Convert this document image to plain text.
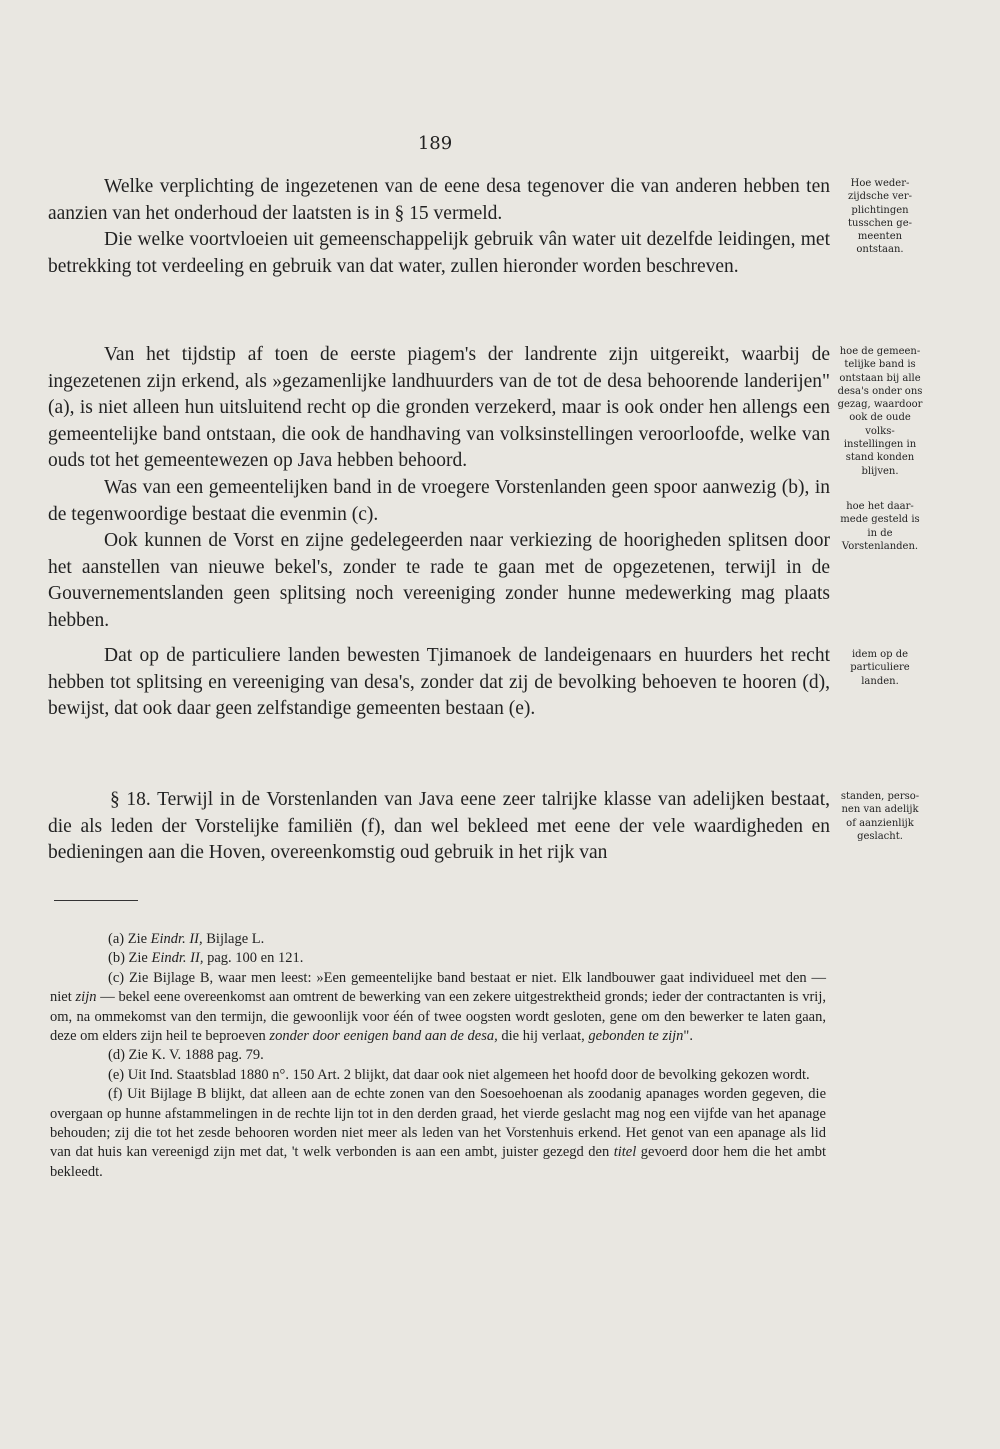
189

Welke verplichting de ingezetenen van de eene desa tegenover die van anderen hebben ten aanzien van het onderhoud der laatsten is in § 15 vermeld.

Die welke voortvloeien uit gemeenschappelijk gebruik vân water uit dezelfde leidingen, met betrekking tot verdeeling en gebruik van dat water, zullen hieronder worden beschreven.

Hoe weder-zijdsche ver-plichtingen tusschen ge-meenten ontstaan.

Van het tijdstip af toen de eerste piagem's der landrente zijn uitgereikt, waarbij de ingezetenen zijn erkend, als »gezamenlijke landhuurders van de tot de desa behoorende landerijen" (a), is niet alleen hun uitsluitend recht op die gronden verzekerd, maar is ook onder hen allengs een gemeentelijke band ontstaan, die ook de handhaving van volksinstellingen veroorloofde, welke van ouds tot het gemeentewezen op Java hebben behoord.

Was van een gemeentelijken band in de vroegere Vorstenlanden geen spoor aanwezig (b), in de tegenwoordige bestaat die evenmin (c).

Ook kunnen de Vorst en zijne gedelegeerden naar verkiezing de hoorigheden splitsen door het aanstellen van nieuwe bekel's, zonder te rade te gaan met de opgezetenen, terwijl in de Gouvernementslanden geen splitsing noch vereeniging zonder hunne medewerking mag plaats hebben.

hoe de gemeen-telijke band is ontstaan bij alle desa's onder ons gezag, waardoor ook de oude volks-instellingen in stand konden blijven.

hoe het daar-mede gesteld is in de Vorstenlanden.

Dat op de particuliere landen bewesten Tjimanoek de landeigenaars en huurders het recht hebben tot splitsing en vereeniging van desa's, zonder dat zij de bevolking behoeven te hooren (d), bewijst, dat ook daar geen zelfstandige gemeenten bestaan (e).

idem op de particuliere landen.

§ 18. Terwijl in de Vorstenlanden van Java eene zeer talrijke klasse van adelijken bestaat, die als leden der Vorstelijke familiën (f), dan wel bekleed met eene der vele waardigheden en bedieningen aan die Hoven, overeenkomstig oud gebruik in het rijk van

standen, perso-nen van adelijk of aanzienlijk geslacht.

(a) Zie Eindr. II, Bijlage L.

(b) Zie Eindr. II, pag. 100 en 121.

(c) Zie Bijlage B, waar men leest: »Een gemeentelijke band bestaat er niet. Elk landbouwer gaat individueel met den — niet zijn — bekel eene overeenkomst aan omtrent de bewerking van een zekere uitgestrektheid gronds; ieder der contractanten is vrij, om, na ommekomst van den termijn, die gewoonlijk voor één of twee oogsten wordt gesloten, gene om den bewerker te laten gaan, deze om elders zijn heil te beproeven zonder door eenigen band aan de desa, die hij verlaat, gebonden te zijn".

(d) Zie K. V. 1888 pag. 79.

(e) Uit Ind. Staatsblad 1880 n°. 150 Art. 2 blijkt, dat daar ook niet algemeen het hoofd door de bevolking gekozen wordt.

(f) Uit Bijlage B blijkt, dat alleen aan de echte zonen van den Soesoehoenan als zoodanig apanages worden gegeven, die overgaan op hunne afstammelingen in de rechte lijn tot in den derden graad, het vierde geslacht mag nog een vijfde van het apanage behouden; zij die tot het zesde behooren worden niet meer als leden van het Vorstenhuis erkend. Het genot van een apanage als lid van dat huis kan vereenigd zijn met dat, 't welk verbonden is aan een ambt, juister gezegd den titel gevoerd door hem die het ambt bekleedt.
